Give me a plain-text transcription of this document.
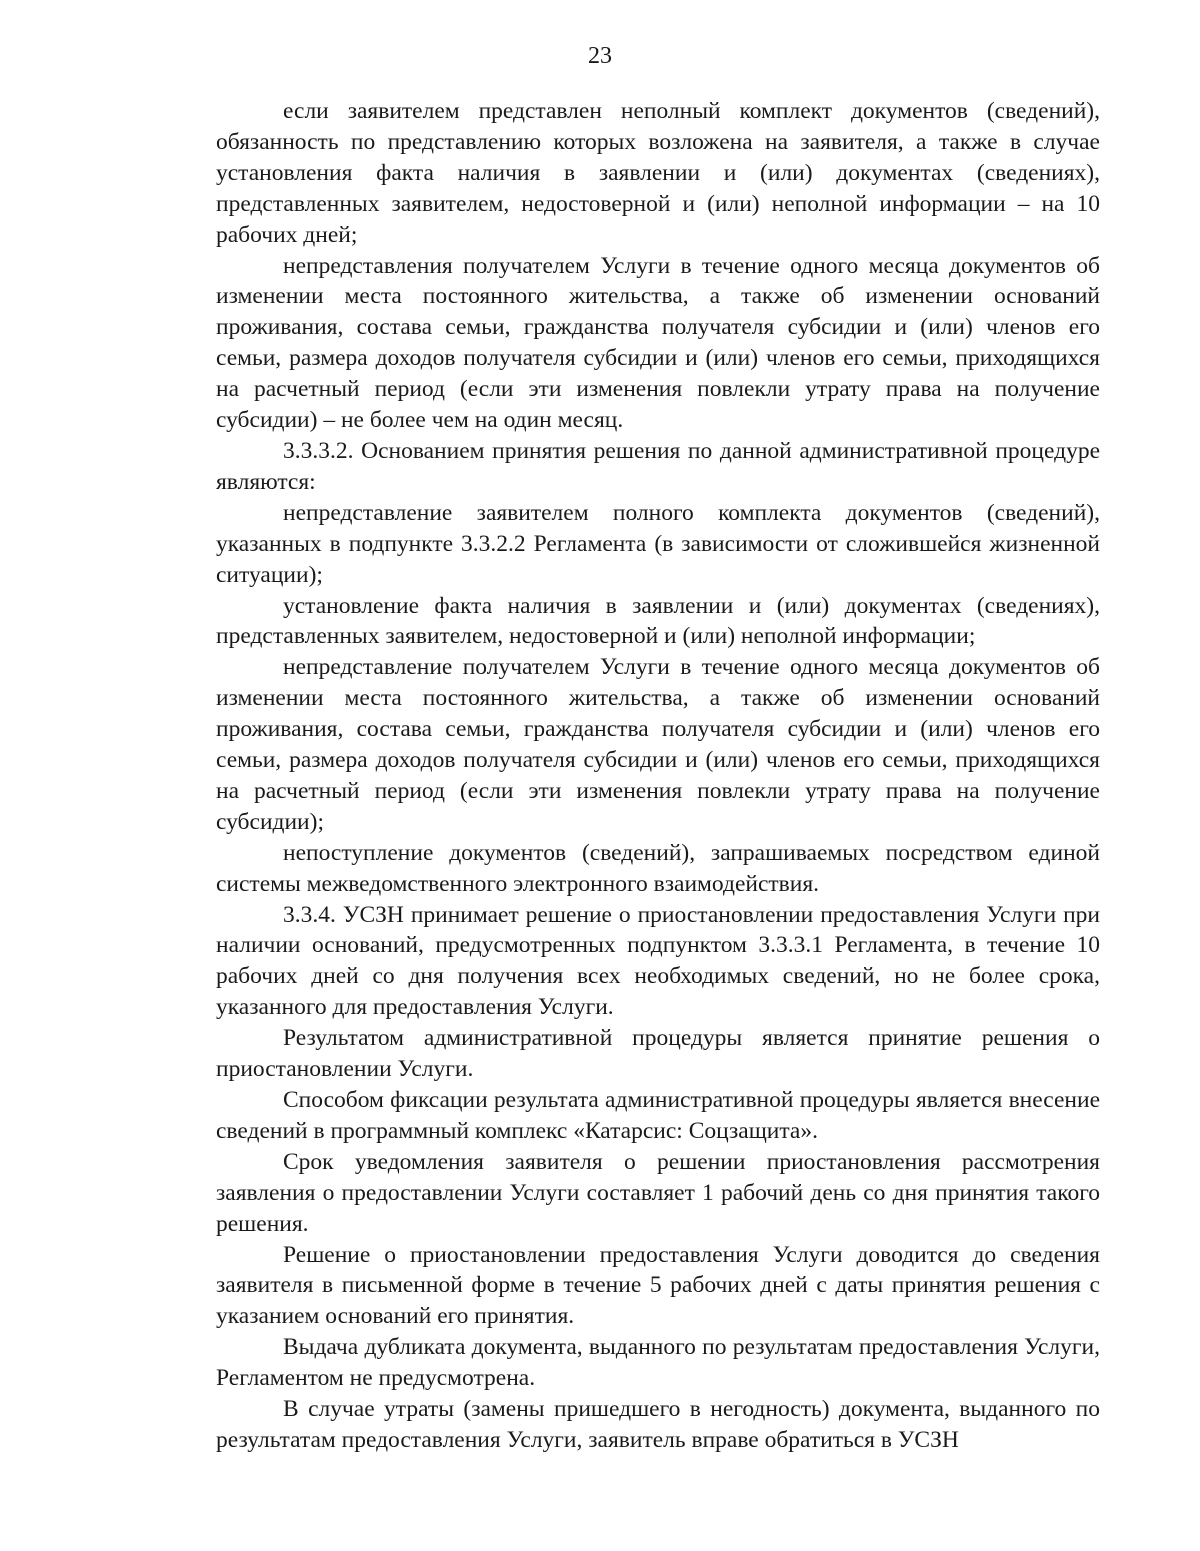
23

если заявителем представлен неполный комплект документов (сведений), обязанность по представлению которых возложена на заявителя, а также в случае установления факта наличия в заявлении и (или) документах (сведениях), представленных заявителем, недостоверной и (или) неполной информации – на 10 рабочих дней;

непредставления получателем Услуги в течение одного месяца документов об изменении места постоянного жительства, а также об изменении оснований проживания, состава семьи, гражданства получателя субсидии и (или) членов его семьи, размера доходов получателя субсидии и (или) членов его семьи, приходящихся на расчетный период (если эти изменения повлекли утрату права на получение субсидии) – не более чем на один месяц.

3.3.3.2. Основанием принятия решения по данной административной процедуре являются:

непредставление заявителем полного комплекта документов (сведений), указанных в подпункте 3.3.2.2 Регламента (в зависимости от сложившейся жизненной ситуации);

установление факта наличия в заявлении и (или) документах (сведениях), представленных заявителем, недостоверной и (или) неполной информации;

непредставление получателем Услуги в течение одного месяца документов об изменении места постоянного жительства, а также об изменении оснований проживания, состава семьи, гражданства получателя субсидии и (или) членов его семьи, размера доходов получателя субсидии и (или) членов его семьи, приходящихся на расчетный период (если эти изменения повлекли утрату права на получение субсидии);

непоступление документов (сведений), запрашиваемых посредством единой системы межведомственного электронного взаимодействия.

3.3.4. УСЗН принимает решение о приостановлении предоставления Услуги при наличии оснований, предусмотренных подпунктом 3.3.3.1 Регламента, в течение 10 рабочих дней со дня получения всех необходимых сведений, но не более срока, указанного для предоставления Услуги.

Результатом административной процедуры является принятие решения о приостановлении Услуги.

Способом фиксации результата административной процедуры является внесение сведений в программный комплекс «Катарсис: Соцзащита».

Срок уведомления заявителя о решении приостановления рассмотрения заявления о предоставлении Услуги составляет 1 рабочий день со дня принятия такого решения.

Решение о приостановлении предоставления Услуги доводится до сведения заявителя в письменной форме в течение 5 рабочих дней с даты принятия решения с указанием оснований его принятия.

Выдача дубликата документа, выданного по результатам предоставления Услуги, Регламентом не предусмотрена.

В случае утраты (замены пришедшего в негодность) документа, выданного по результатам предоставления Услуги, заявитель вправе обратиться в УСЗН
